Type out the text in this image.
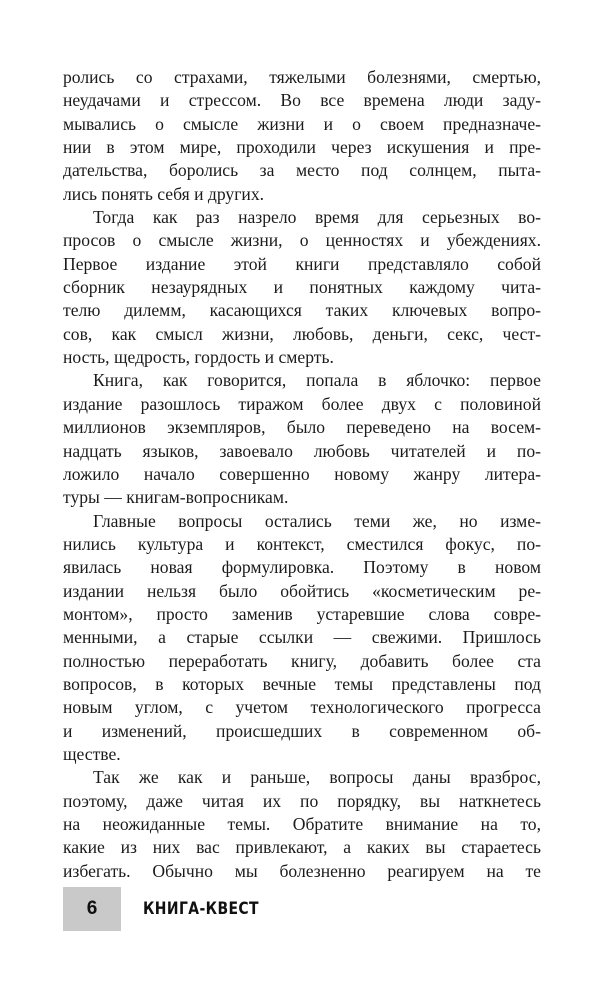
ролись со страхами, тяжелыми болезнями, смертью,
неудачами и стрессом. Во все времена люди заду-
мывались о смысле жизни и о своем предназначе-
нии в этом мире, проходили через искушения и пре-
дательства, боролись за место под солнцем, пыта-
лись понять себя и других.
Тогда как раз назрело время для серьезных во-
просов о смысле жизни, о ценностях и убеждениях.
Первое издание этой книги представляло собой
сборник незаурядных и понятных каждому чита-
телю дилемм, касающихся таких ключевых вопро-
сов, как смысл жизни, любовь, деньги, секс, чест-
ность, щедрость, гордость и смерть.
Книга, как говорится, попала в яблочко: первое
издание разошлось тиражом более двух с половиной
миллионов экземпляров, было переведено на восем-
надцать языков, завоевало любовь читателей и по-
ложило начало совершенно новому жанру литера-
туры — книгам-вопросникам.
Главные вопросы остались теми же, но изме-
нились культура и контекст, сместился фокус, по-
явилась новая формулировка. Поэтому в новом
издании нельзя было обойтись «косметическим ре-
монтом», просто заменив устаревшие слова совре-
менными, а старые ссылки — свежими. Пришлось
полностью переработать книгу, добавить более ста
вопросов, в которых вечные темы представлены под
новым углом, с учетом технологического прогресса
и изменений, происшедших в современном об-
ществе.
Так же как и раньше, вопросы даны вразброс,
поэтому, даже читая их по порядку, вы наткнетесь
на неожиданные темы. Обратите внимание на то,
какие из них вас привлекают, а каких вы стараетесь
избегать. Обычно мы болезненно реагируем на те
6	КНИГА-КВЕСТ
